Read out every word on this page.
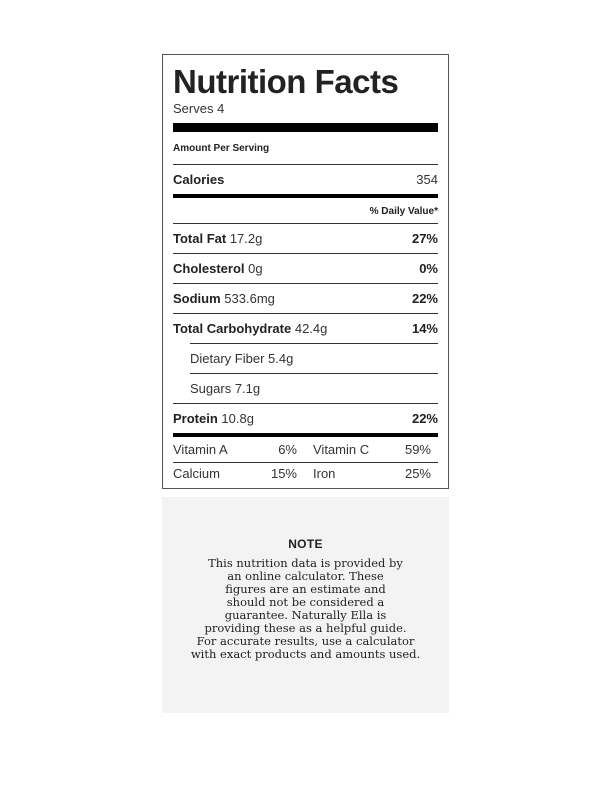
Nutrition Facts
Serves 4
Amount Per Serving
Calories	354
% Daily Value*
Total Fat 17.2g	27%
Cholesterol 0g	0%
Sodium 533.6mg	22%
Total Carbohydrate 42.4g	14%
Dietary Fiber 5.4g
Sugars 7.1g
Protein 10.8g	22%
Vitamin A	6% Vitamin C	59%
Calcium	15% Iron	25%
NOTE
This nutrition data is provided by
an online calculator. These
figures are an estimate and
should not be considered a
guarantee. Naturally Ella is
providing these as a helpful guide.
For accurate results, use a calculator
with exact products and amounts used.
